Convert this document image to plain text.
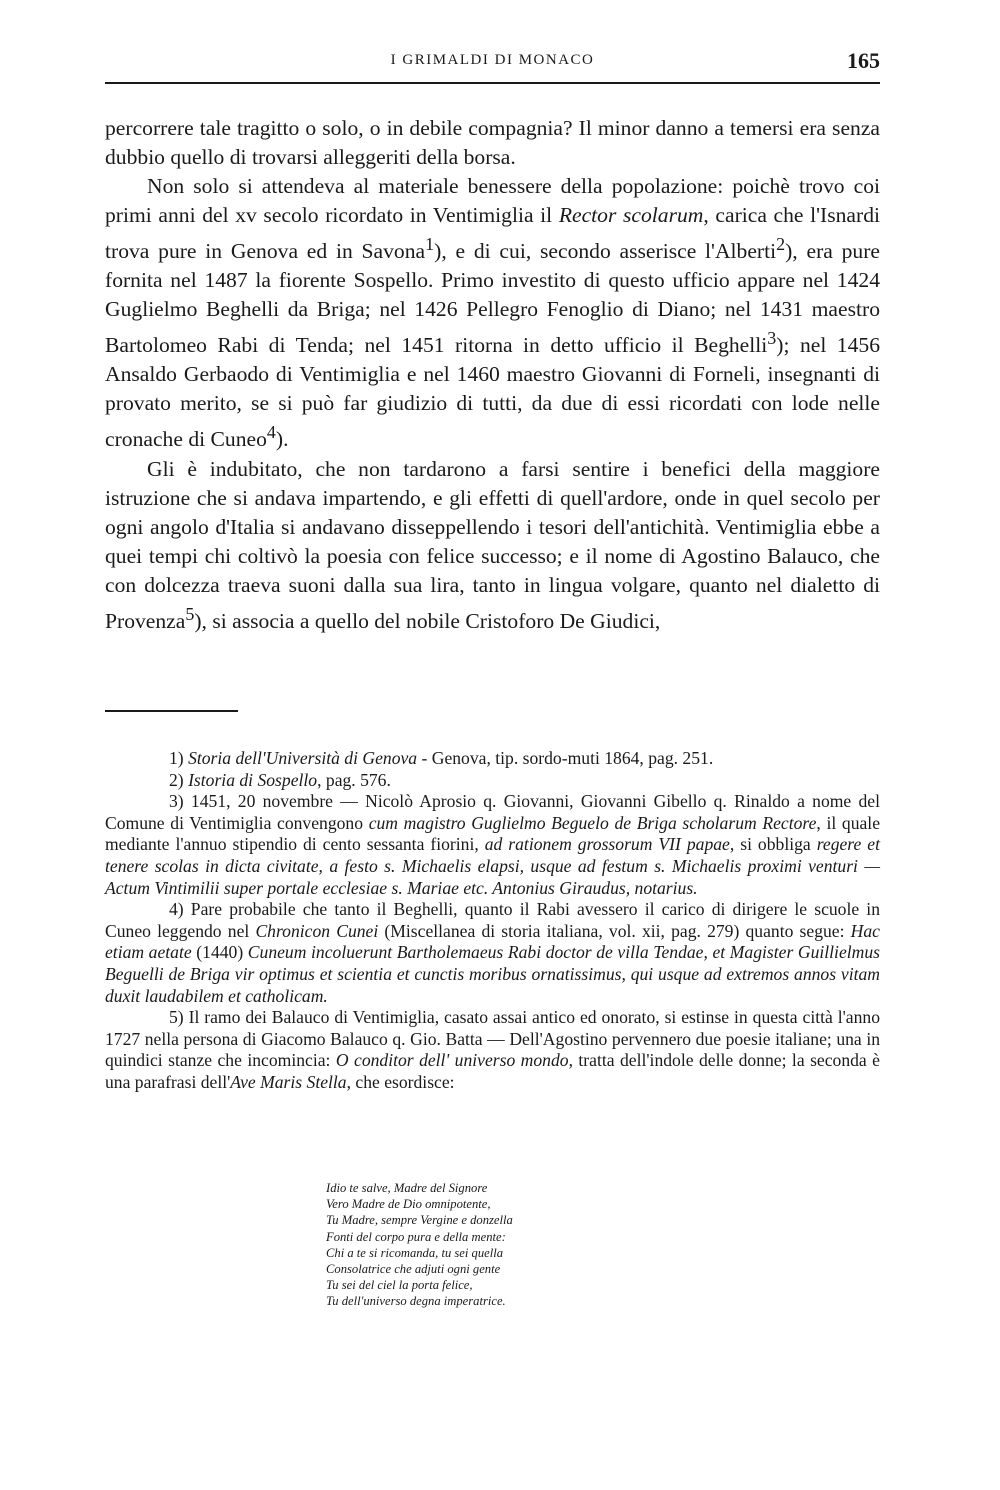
I GRIMALDI DI MONACO	165

percorrere tale tragitto o solo, o in debile compagnia? Il minor danno a temersi era senza dubbio quello di trovarsi alleggeriti della borsa.

Non solo si attendeva al materiale benessere della popolazione: poichè trovo coi primi anni del xv secolo ricordato in Ventimiglia il Rector scolarum, carica che l'Isnardi trova pure in Genova ed in Savona$^1$), e di cui, secondo asserisce l'Alberti$^2$), era pure fornita nel 1487 la fiorente Sospello. Primo investito di questo ufficio appare nel 1424 Guglielmo Beghelli da Briga; nel 1426 Pellegro Fenoglio di Diano; nel 1431 maestro Bartolomeo Rabi di Tenda; nel 1451 ritorna in detto ufficio il Beghelli$^3$); nel 1456 Ansaldo Gerbaodo di Ventimiglia e nel 1460 maestro Giovanni di Forneli, insegnanti di provato merito, se si può far giudizio di tutti, da due di essi ricordati con lode nelle cronache di Cuneo$^4$).

Gli è indubitato, che non tardarono a farsi sentire i benefici della maggiore istruzione che si andava impartendo, e gli effetti di quell'ardore, onde in quel secolo per ogni angolo d'Italia si andavano disseppellendo i tesori dell'antichità. Ventimiglia ebbe a quei tempi chi coltivò la poesia con felice successo; e il nome di Agostino Balauco, che con dolcezza traeva suoni dalla sua lira, tanto in lingua volgare, quanto nel dialetto di Provenza$^5$), si associa a quello del nobile Cristoforo De Giudici,

1) Storia dell'Università di Genova - Genova, tip. sordo-muti 1864, pag. 251.

2) Istoria di Sospello, pag. 576.

3) 1451, 20 novembre — Nicolò Aprosio q. Giovanni, Giovanni Gibello q. Rinaldo a nome del Comune di Ventimiglia convengono cum magistro Guglielmo Beguelo de Briga scholarum Rectore, il quale mediante l'annuo stipendio di cento sessanta fiorini, ad rationem grossorum VII papae, si obbliga regere et tenere scolas in dicta civitate, a festo s. Michaelis elapsi, usque ad festum s. Michaelis proximi venturi — Actum Vintimilii super portale ecclesiae s. Mariae etc. Antonius Giraudus, notarius.

4) Pare probabile che tanto il Beghelli, quanto il Rabi avessero il carico di dirigere le scuole in Cuneo leggendo nel Chronicon Cunei (Miscellanea di storia italiana, vol. xii, pag. 279) quanto segue: Hac etiam aetate (1440) Cuneum incoluerunt Bartholemaeus Rabi doctor de villa Tendae, et Magister Guillielmus Beguelli de Briga vir optimus et scientia et cunctis moribus ornatissimus, qui usque ad extremos annos vitam duxit laudabilem et catholicam.

5) Il ramo dei Balauco di Ventimiglia, casato assai antico ed onorato, si estinse in questa città l'anno 1727 nella persona di Giacomo Balauco q. Gio. Batta — Dell'Agostino pervennero due poesie italiane; una in quindici stanze che incomincia: O conditor dell' universo mondo, tratta dell'indole delle donne; la seconda è una parafrasi dell'Ave Maris Stella, che esordisce:

Idio te salve, Madre del Signore
Vero Madre de Dio omnipotente,
Tu Madre, sempre Vergine e donzella
Fonti del corpo pura e della mente:
Chi a te si ricomanda, tu sei quella
Consolatrice che adjuti ogni gente
Tu sei del ciel la porta felice,
Tu dell'universo degna imperatrice.
